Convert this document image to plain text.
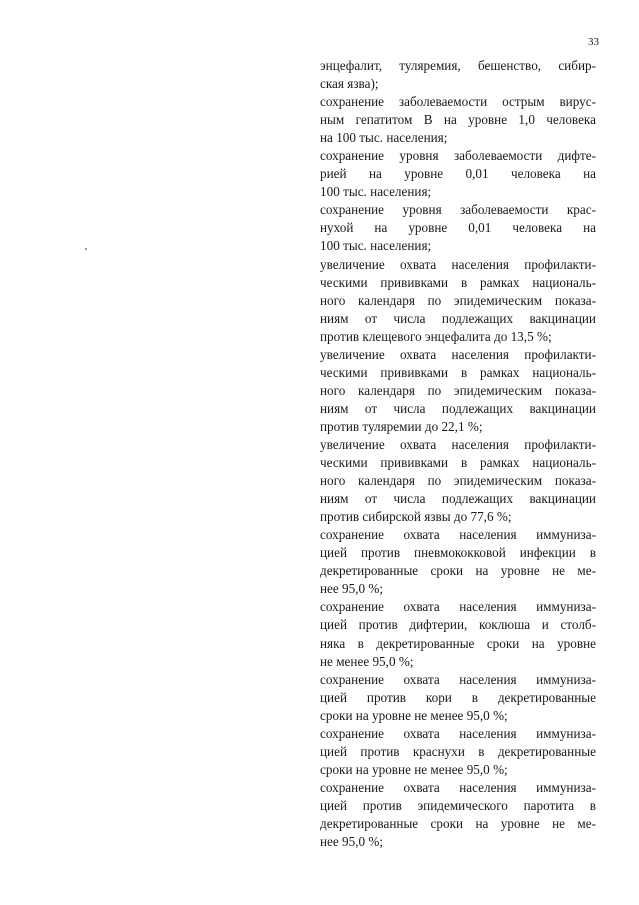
33
энцефалит, туляремия, бешенство, сибир-
ская язва);
сохранение заболеваемости острым вирус-
ным гепатитом В на уровне 1,0 человека
на 100 тыс. населения;
сохранение уровня заболеваемости дифте-
рией на уровне 0,01 человека на
100 тыс. населения;
сохранение уровня заболеваемости крас-
нухой на уровне 0,01 человека на
100 тыс. населения;
увеличение охвата населения профилакти-
ческими прививками в рамках националь-
ного календаря по эпидемическим показа-
ниям от числа подлежащих вакцинации
против клещевого энцефалита до 13,5 %;
увеличение охвата населения профилакти-
ческими прививками в рамках националь-
ного календаря по эпидемическим показа-
ниям от числа подлежащих вакцинации
против туляремии до 22,1 %;
увеличение охвата населения профилакти-
ческими прививками в рамках националь-
ного календаря по эпидемическим показа-
ниям от числа подлежащих вакцинации
против сибирской язвы до 77,6 %;
сохранение охвата населения иммуниза-
цией против пневмококковой инфекции в
декретированные сроки на уровне не ме-
нее 95,0 %;
сохранение охвата населения иммуниза-
цией против дифтерии, коклюша и столб-
няка в декретированные сроки на уровне
не менее 95,0 %;
сохранение охвата населения иммуниза-
цией против кори в декретированные
сроки на уровне не менее 95,0 %;
сохранение охвата населения иммуниза-
цией против краснухи в декретированные
сроки на уровне не менее 95,0 %;
сохранение охвата населения иммуниза-
цией против эпидемического паротита в
декретированные сроки на уровне не ме-
нее 95,0 %;
